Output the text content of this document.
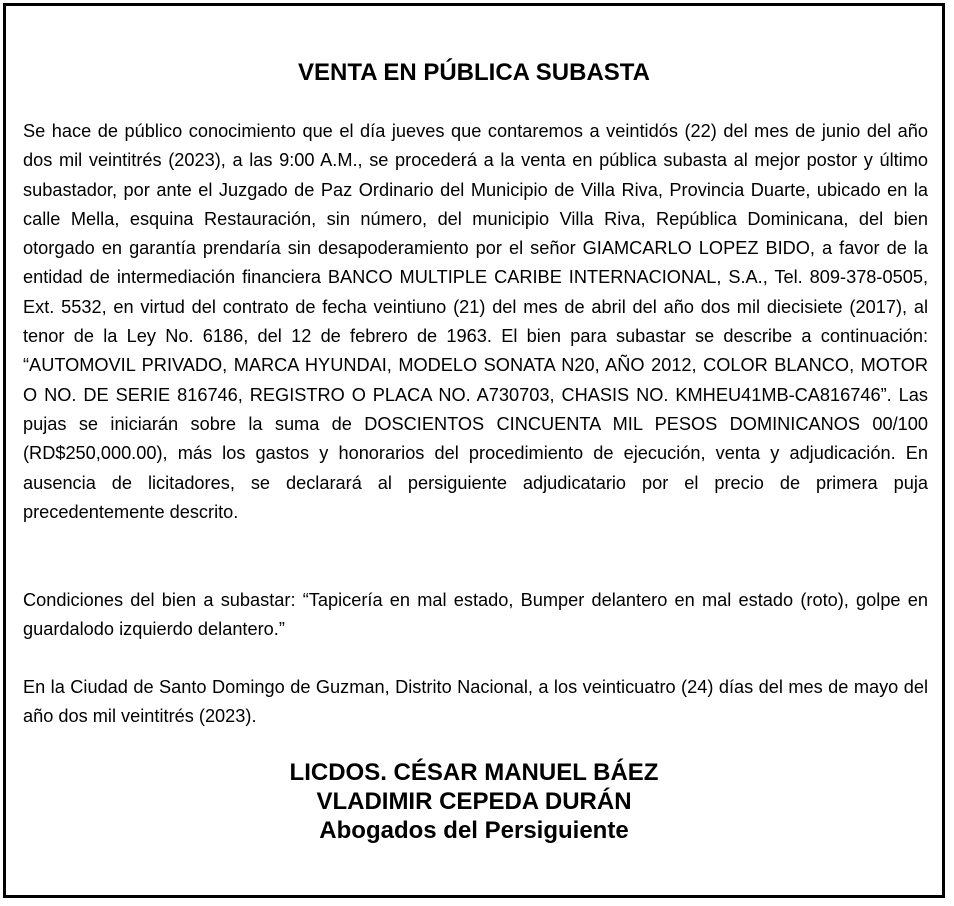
VENTA EN PÚBLICA SUBASTA

Se hace de público conocimiento que el día jueves que contaremos a veintidós (22) del mes de junio del año dos mil veintitrés (2023), a las 9:00 A.M., se procederá a la venta en pública subasta al mejor postor y último subastador, por ante el Juzgado de Paz Ordinario del Municipio de Villa Riva, Provincia Duarte, ubicado en la calle Mella, esquina Restauración, sin número, del municipio Villa Riva, República Dominicana, del bien otorgado en garantía prendaría sin desapoderamiento por el señor GIAMCARLO LOPEZ BIDO, a favor de la entidad de intermediación financiera BANCO MULTIPLE CARIBE INTERNACIONAL, S.A., Tel. 809-378-0505, Ext. 5532, en virtud del contrato de fecha veintiuno (21) del mes de abril del año dos mil diecisiete (2017), al tenor de la Ley No. 6186, del 12 de febrero de 1963. El bien para subastar se describe a continuación: “AUTOMOVIL PRIVADO, MARCA HYUNDAI, MODELO SONATA N20, AÑO 2012, COLOR BLANCO, MOTOR O NO. DE SERIE 816746, REGISTRO O PLACA NO. A730703, CHASIS NO. KMHEU41MB-CA816746”. Las pujas se iniciarán sobre la suma de DOSCIENTOS CINCUENTA MIL PESOS DOMINICANOS 00/100 (RD$250,000.00), más los gastos y honorarios del procedimiento de ejecución, venta y adjudicación. En ausencia de licitadores, se declarará al persiguiente adjudicatario por el precio de primera puja precedentemente descrito.

Condiciones del bien a subastar: “Tapicería en mal estado, Bumper delantero en mal estado (roto), golpe en guardalodo izquierdo delantero.”

En la Ciudad de Santo Domingo de Guzman, Distrito Nacional, a los veinticuatro (24) días del mes de mayo del año dos mil veintitrés (2023).

LICDOS. CÉSAR MANUEL BÁEZ
VLADIMIR CEPEDA DURÁN
Abogados del Persiguiente
